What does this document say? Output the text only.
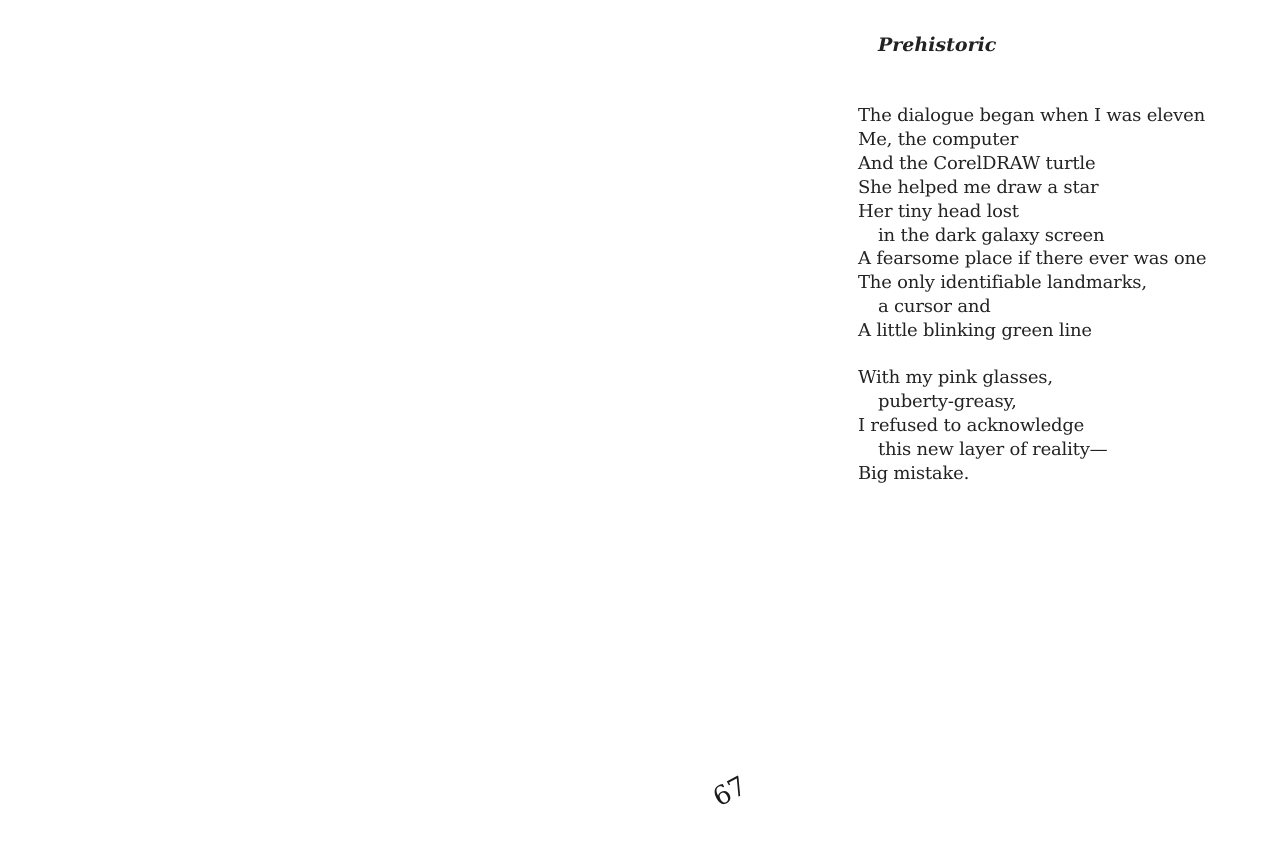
Prehistoric
The dialogue began when I was eleven
Me, the computer
And the CorelDRAW turtle
She helped me draw a star
Her tiny head lost
in the dark galaxy screen
A fearsome place if there ever was one
The only identifiable landmarks,
a cursor and
A little blinking green line
With my pink glasses,
puberty-greasy,
I refused to acknowledge
this new layer of reality—
Big mistake.
67
